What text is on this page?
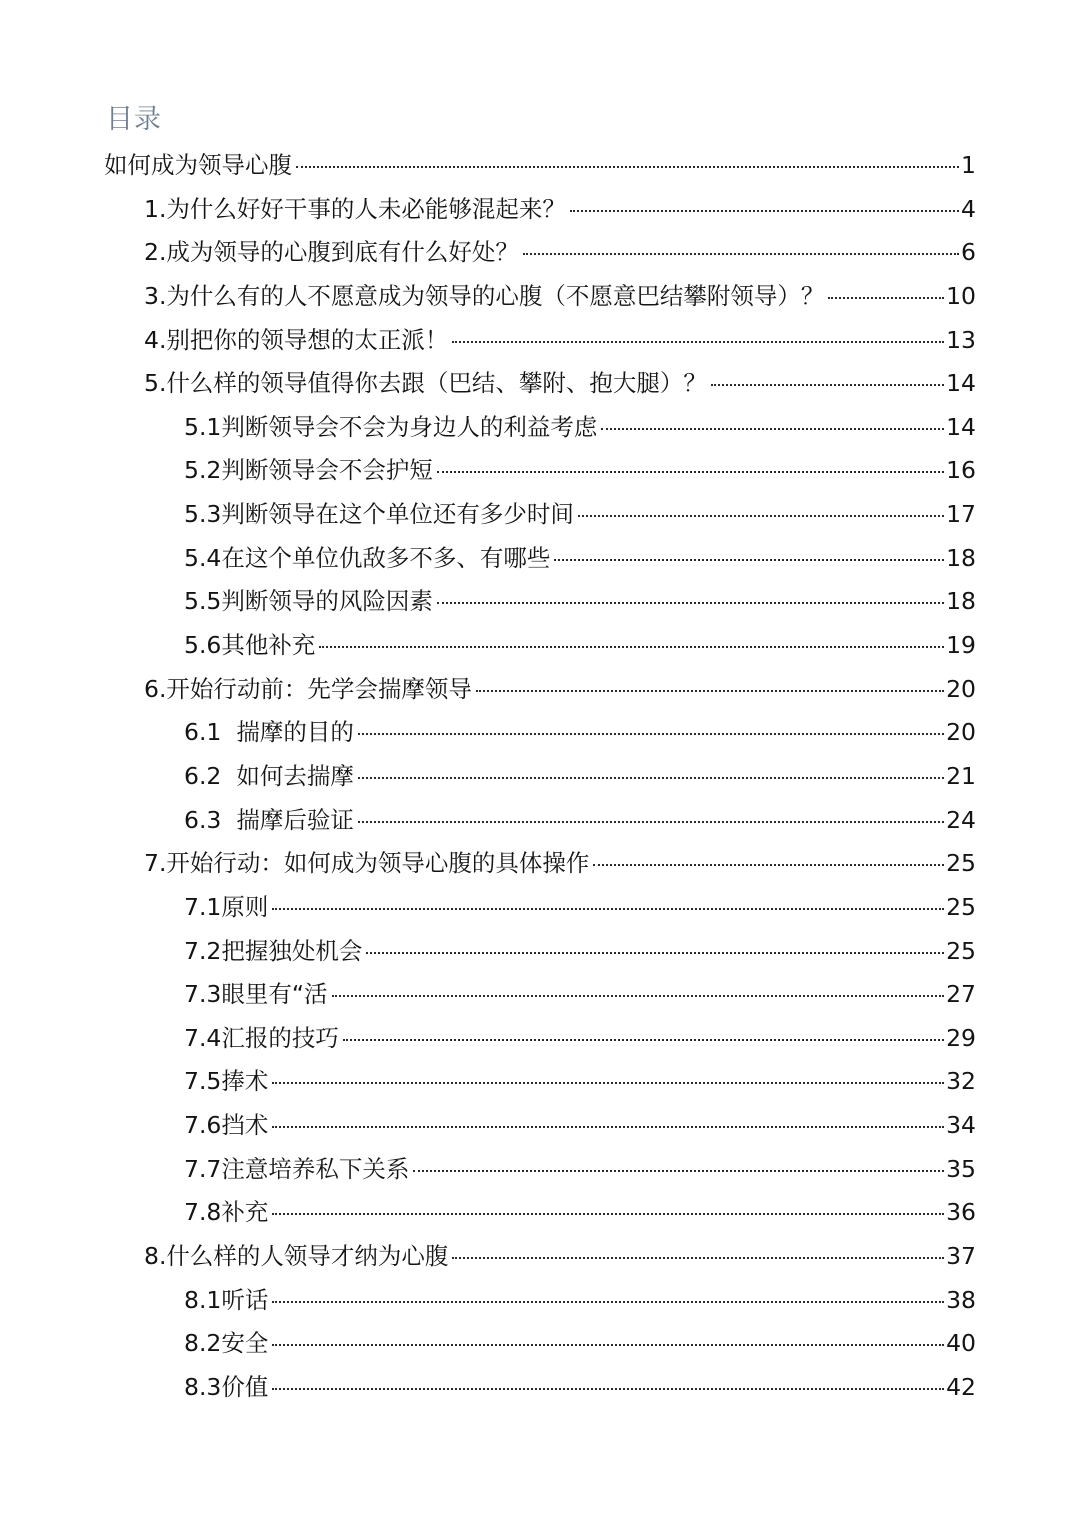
目录
如何成为领导心腹	1
1.为什么好好干事的人未必能够混起来？	4
2.成为领导的心腹到底有什么好处？	6
3.为什么有的人不愿意成为领导的心腹（不愿意巴结攀附领导）？	10
4.别把你的领导想的太正派！	13
5.什么样的领导值得你去跟（巴结、攀附、抱大腿）？	14
5.1判断领导会不会为身边人的利益考虑	14
5.2判断领导会不会护短	16
5.3判断领导在这个单位还有多少时间	17
5.4在这个单位仇敌多不多、有哪些	18
5.5判断领导的风险因素	18
5.6其他补充	19
6.开始行动前：先学会揣摩领导	20
6.1  揣摩的目的	20
6.2  如何去揣摩	21
6.3  揣摩后验证	24
7.开始行动：如何成为领导心腹的具体操作	25
7.1原则	25
7.2把握独处机会	25
7.3眼里有“活	27
7.4汇报的技巧	29
7.5捧术	32
7.6挡术	34
7.7注意培养私下关系	35
7.8补充	36
8.什么样的人领导才纳为心腹	37
8.1听话	38
8.2安全	40
8.3价值	42
